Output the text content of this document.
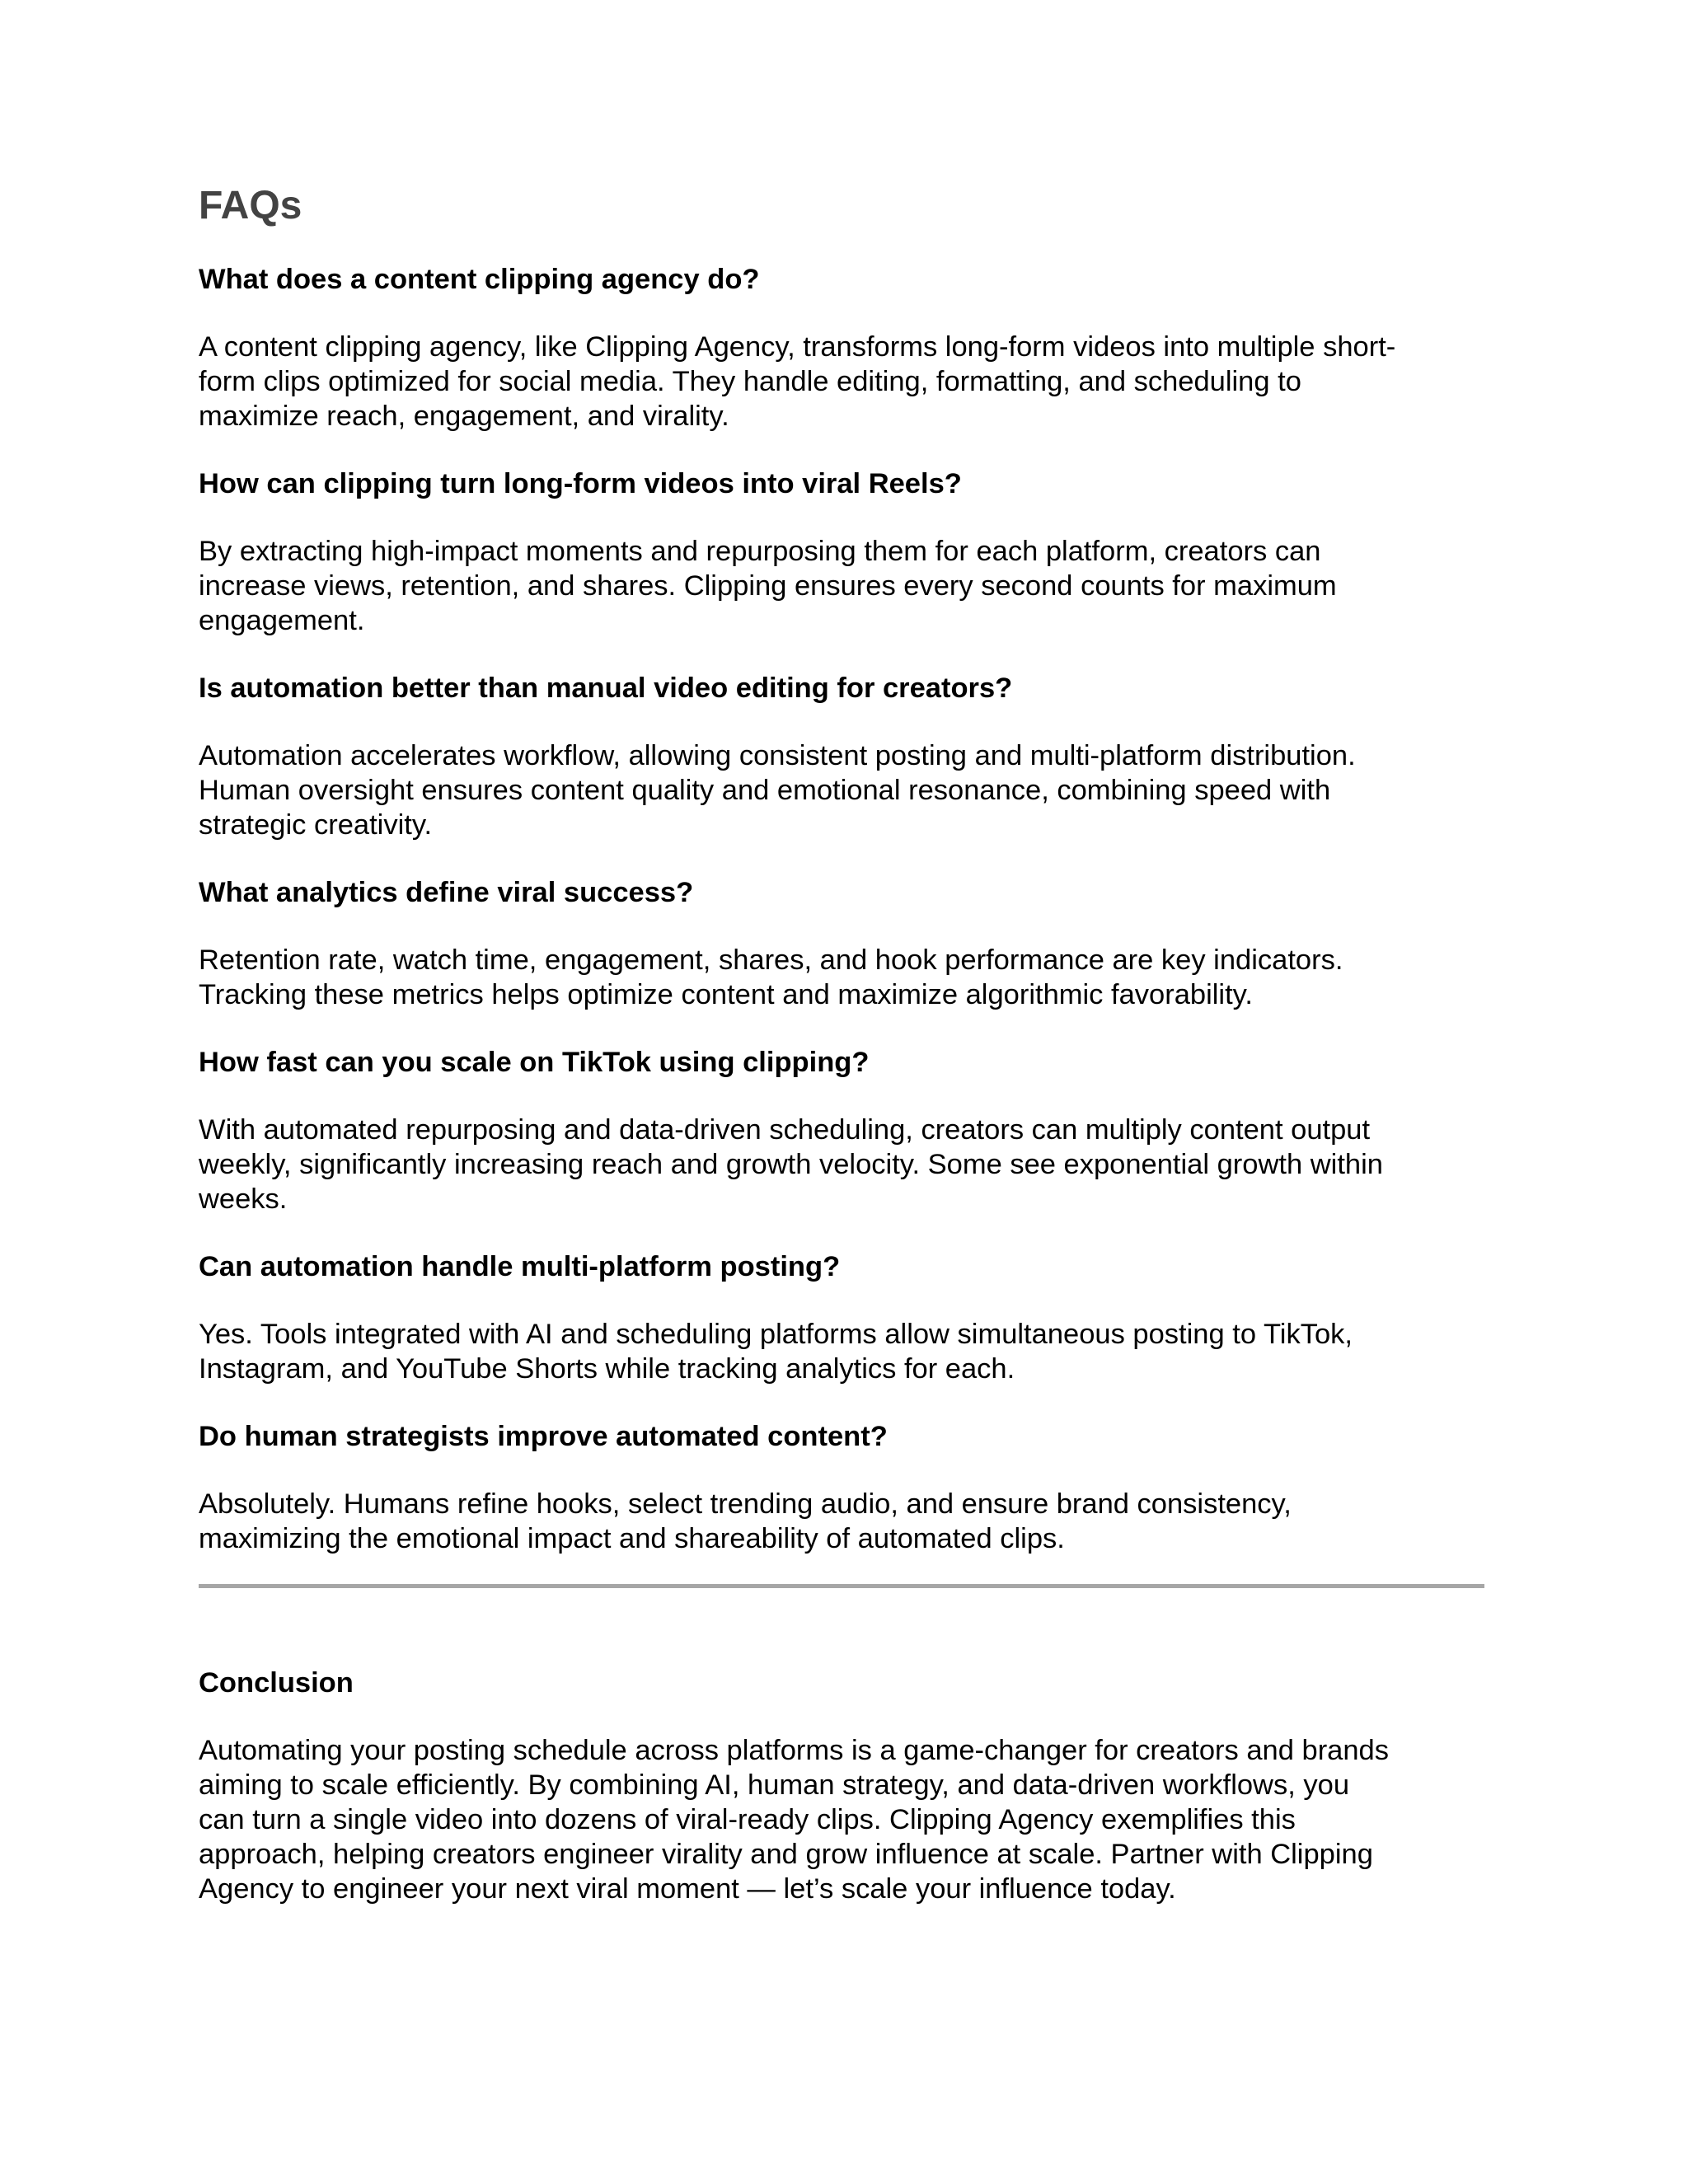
FAQs
What does a content clipping agency do?

A content clipping agency, like Clipping Agency, transforms long-form videos into multiple short-
form clips optimized for social media. They handle editing, formatting, and scheduling to
maximize reach, engagement, and virality.

How can clipping turn long-form videos into viral Reels?

By extracting high-impact moments and repurposing them for each platform, creators can
increase views, retention, and shares. Clipping ensures every second counts for maximum
engagement.

Is automation better than manual video editing for creators?

Automation accelerates workflow, allowing consistent posting and multi-platform distribution.
Human oversight ensures content quality and emotional resonance, combining speed with
strategic creativity.

What analytics define viral success?

Retention rate, watch time, engagement, shares, and hook performance are key indicators.
Tracking these metrics helps optimize content and maximize algorithmic favorability.

How fast can you scale on TikTok using clipping?

With automated repurposing and data-driven scheduling, creators can multiply content output
weekly, significantly increasing reach and growth velocity. Some see exponential growth within
weeks.

Can automation handle multi-platform posting?

Yes. Tools integrated with AI and scheduling platforms allow simultaneous posting to TikTok,
Instagram, and YouTube Shorts while tracking analytics for each.

Do human strategists improve automated content?

Absolutely. Humans refine hooks, select trending audio, and ensure brand consistency,
maximizing the emotional impact and shareability of automated clips.

Conclusion

Automating your posting schedule across platforms is a game-changer for creators and brands
aiming to scale efficiently. By combining AI, human strategy, and data-driven workflows, you
can turn a single video into dozens of viral-ready clips. Clipping Agency exemplifies this
approach, helping creators engineer virality and grow influence at scale. Partner with Clipping
Agency to engineer your next viral moment — let’s scale your influence today.
